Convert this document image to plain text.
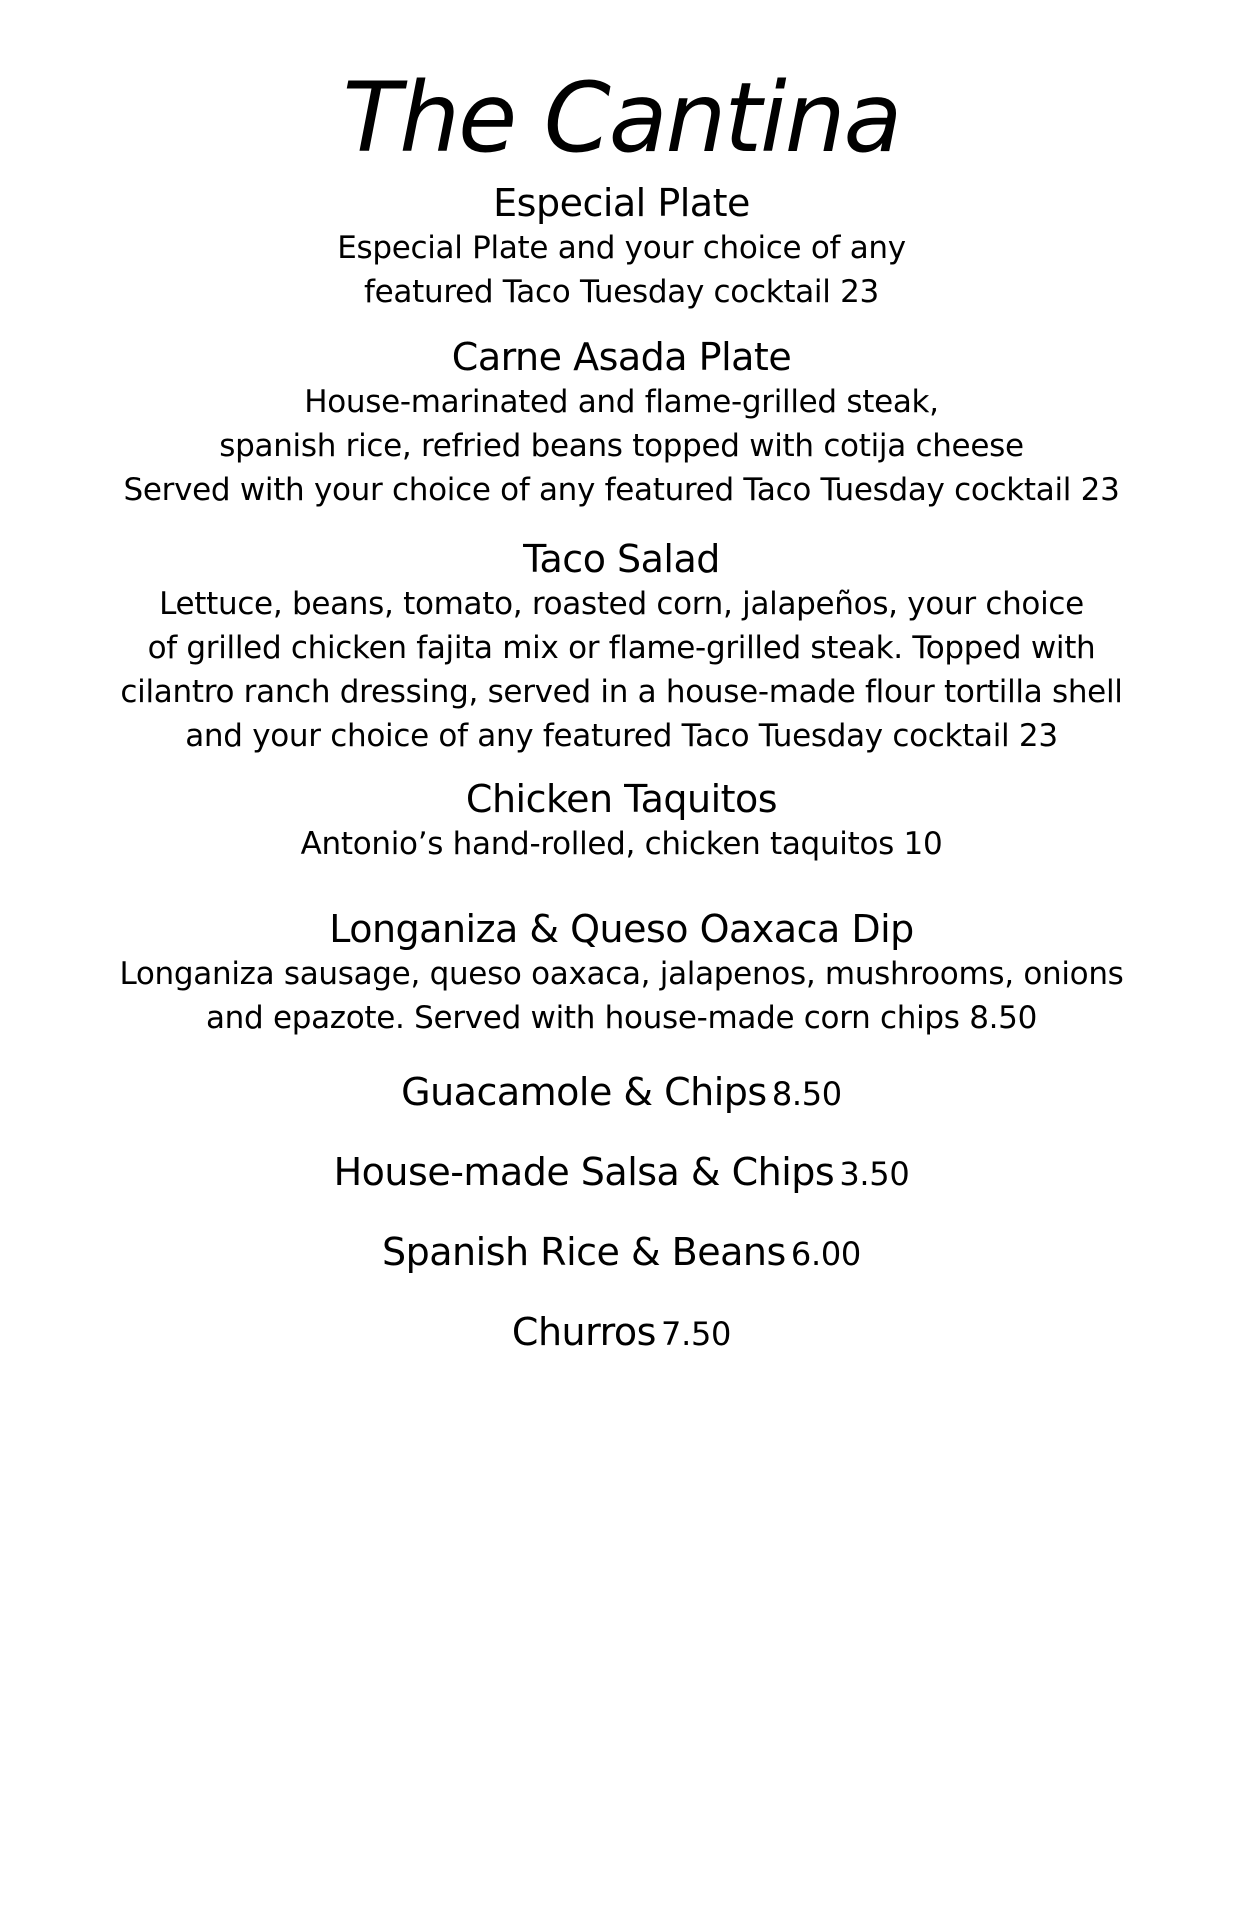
The Cantina
Especial Plate
Especial Plate and your choice of any
featured Taco Tuesday cocktail 23
Carne Asada Plate
House-marinated and flame-grilled steak,
spanish rice, refried beans topped with cotija cheese
Served with your choice of any featured Taco Tuesday cocktail 23
Taco Salad
Lettuce, beans, tomato, roasted corn, jalapeños, your choice
of grilled chicken fajita mix or flame-grilled steak. Topped with
cilantro ranch dressing, served in a house-made flour tortilla shell
and your choice of any featured Taco Tuesday cocktail 23
Chicken Taquitos
Antonio’s hand-rolled, chicken taquitos 10
Longaniza & Queso Oaxaca Dip
Longaniza sausage, queso oaxaca, jalapenos, mushrooms, onions
and epazote. Served with house-made corn chips 8.50
Guacamole & Chips 8.50
House-made Salsa & Chips 3.50
Spanish Rice & Beans 6.00
Churros 7.50
